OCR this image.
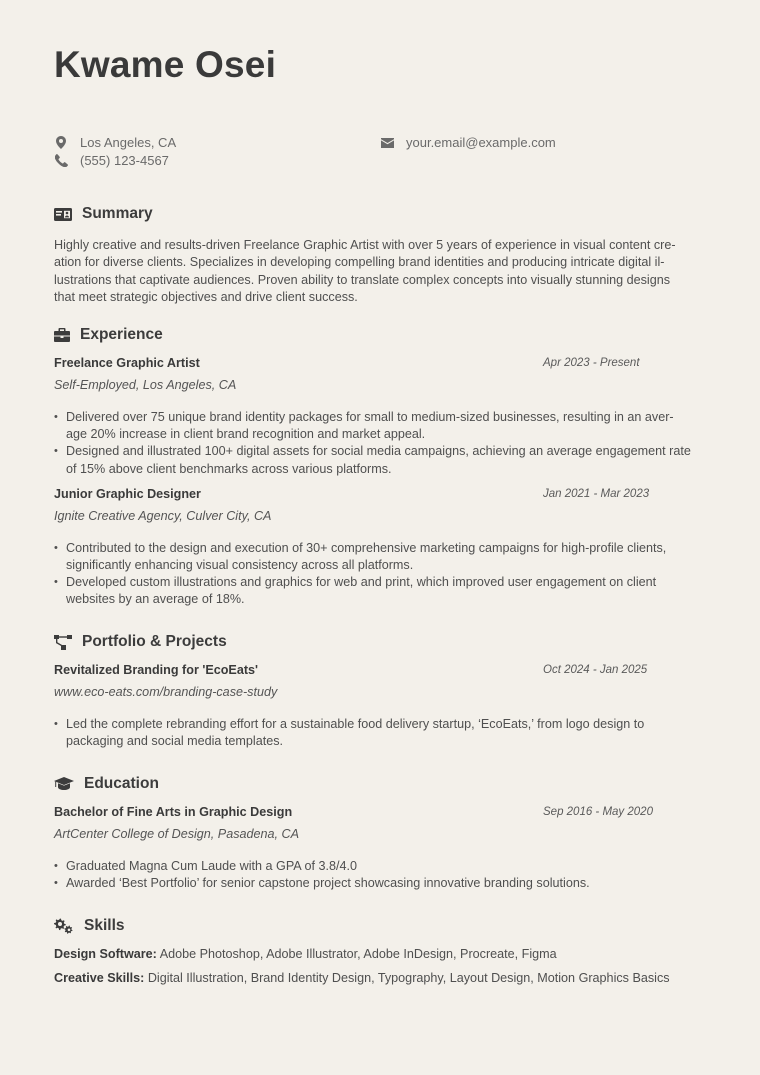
Kwame Osei
Los Angeles, CA
(555) 123-4567
your.email@example.com
Summary

Highly creative and results-driven Freelance Graphic Artist with over 5 years of experience in visual content cre-
ation for diverse clients. Specializes in developing compelling brand identities and producing intricate digital il-
lustrations that captivate audiences. Proven ability to translate complex concepts into visually stunning designs
that meet strategic objectives and drive client success.

Experience
Freelance Graphic Artist	Apr 2023 - Present
Self-Employed, Los Angeles, CA
• Delivered over 75 unique brand identity packages for small to medium-sized businesses, resulting in an aver-
age 20% increase in client brand recognition and market appeal.
• Designed and illustrated 100+ digital assets for social media campaigns, achieving an average engagement rate
of 15% above client benchmarks across various platforms.
Junior Graphic Designer	Jan 2021 - Mar 2023
Ignite Creative Agency, Culver City, CA
• Contributed to the design and execution of 30+ comprehensive marketing campaigns for high-profile clients,
significantly enhancing visual consistency across all platforms.
• Developed custom illustrations and graphics for web and print, which improved user engagement on client
websites by an average of 18%.
Portfolio & Projects
Revitalized Branding for 'EcoEats'	Oct 2024 - Jan 2025
www.eco-eats.com/branding-case-study
• Led the complete rebranding effort for a sustainable food delivery startup, ‘EcoEats,’ from logo design to
packaging and social media templates.
Education
Bachelor of Fine Arts in Graphic Design	Sep 2016 - May 2020
ArtCenter College of Design, Pasadena, CA
• Graduated Magna Cum Laude with a GPA of 3.8/4.0
• Awarded ‘Best Portfolio’ for senior capstone project showcasing innovative branding solutions.
Skills
Design Software: Adobe Photoshop, Adobe Illustrator, Adobe InDesign, Procreate, Figma
Creative Skills: Digital Illustration, Brand Identity Design, Typography, Layout Design, Motion Graphics Basics
